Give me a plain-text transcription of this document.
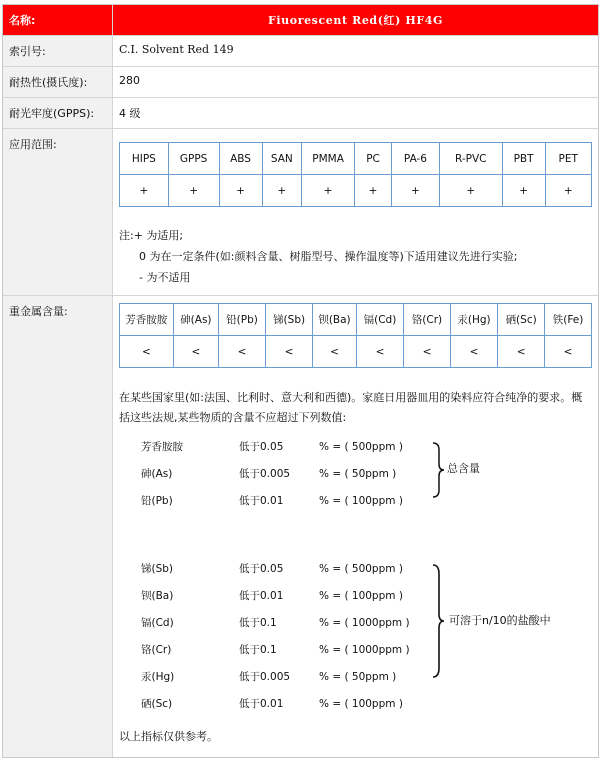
名称:	Fiuorescent Red(红) HF4G
索引号:	C.I. Solvent Red 149
耐热性(摄氏度):	280
耐光牢度(GPPS):	4 级
应用范围:
HIPS	GPPS	ABS	SAN	PMMA	PC	PA-6	R-PVC	PBT	PET
+	+	+	+	+	+	+	+	+	+
注:+ 为适用;
0 为在一定条件(如:颜料含量、树脂型号、操作温度等)下适用建议先进行实验;
- 为不适用
重金属含量:
芳香胺胺	砷(As)	铅(Pb)	锑(Sb)	钡(Ba)	镉(Cd)	铬(Cr)	汞(Hg)	硒(Sc)	铁(Fe)
<	<	<	<	<	<	<	<	<	<
在某些国家里(如:法国、比利时、意大利和西德)。家庭日用器皿用的染料应符合纯净的要求。概括这些法规,某些物质的含量不应超过下列数值:
总含量
可溶于n/10的盐酸中
芳香胺胺	低于0.05	% = ( 500ppm )
砷(As)	低于0.005	% = ( 50ppm )
铅(Pb)	低于0.01	% = ( 100ppm )
锑(Sb)	低于0.05	% = ( 500ppm )
钡(Ba)	低于0.01	% = ( 100ppm )
镉(Cd)	低于0.1	% = ( 1000ppm )
铬(Cr)	低于0.1	% = ( 1000ppm )
汞(Hg)	低于0.005	% = ( 50ppm )
硒(Sc)	低于0.01	% = ( 100ppm )
以上指标仅供参考。
